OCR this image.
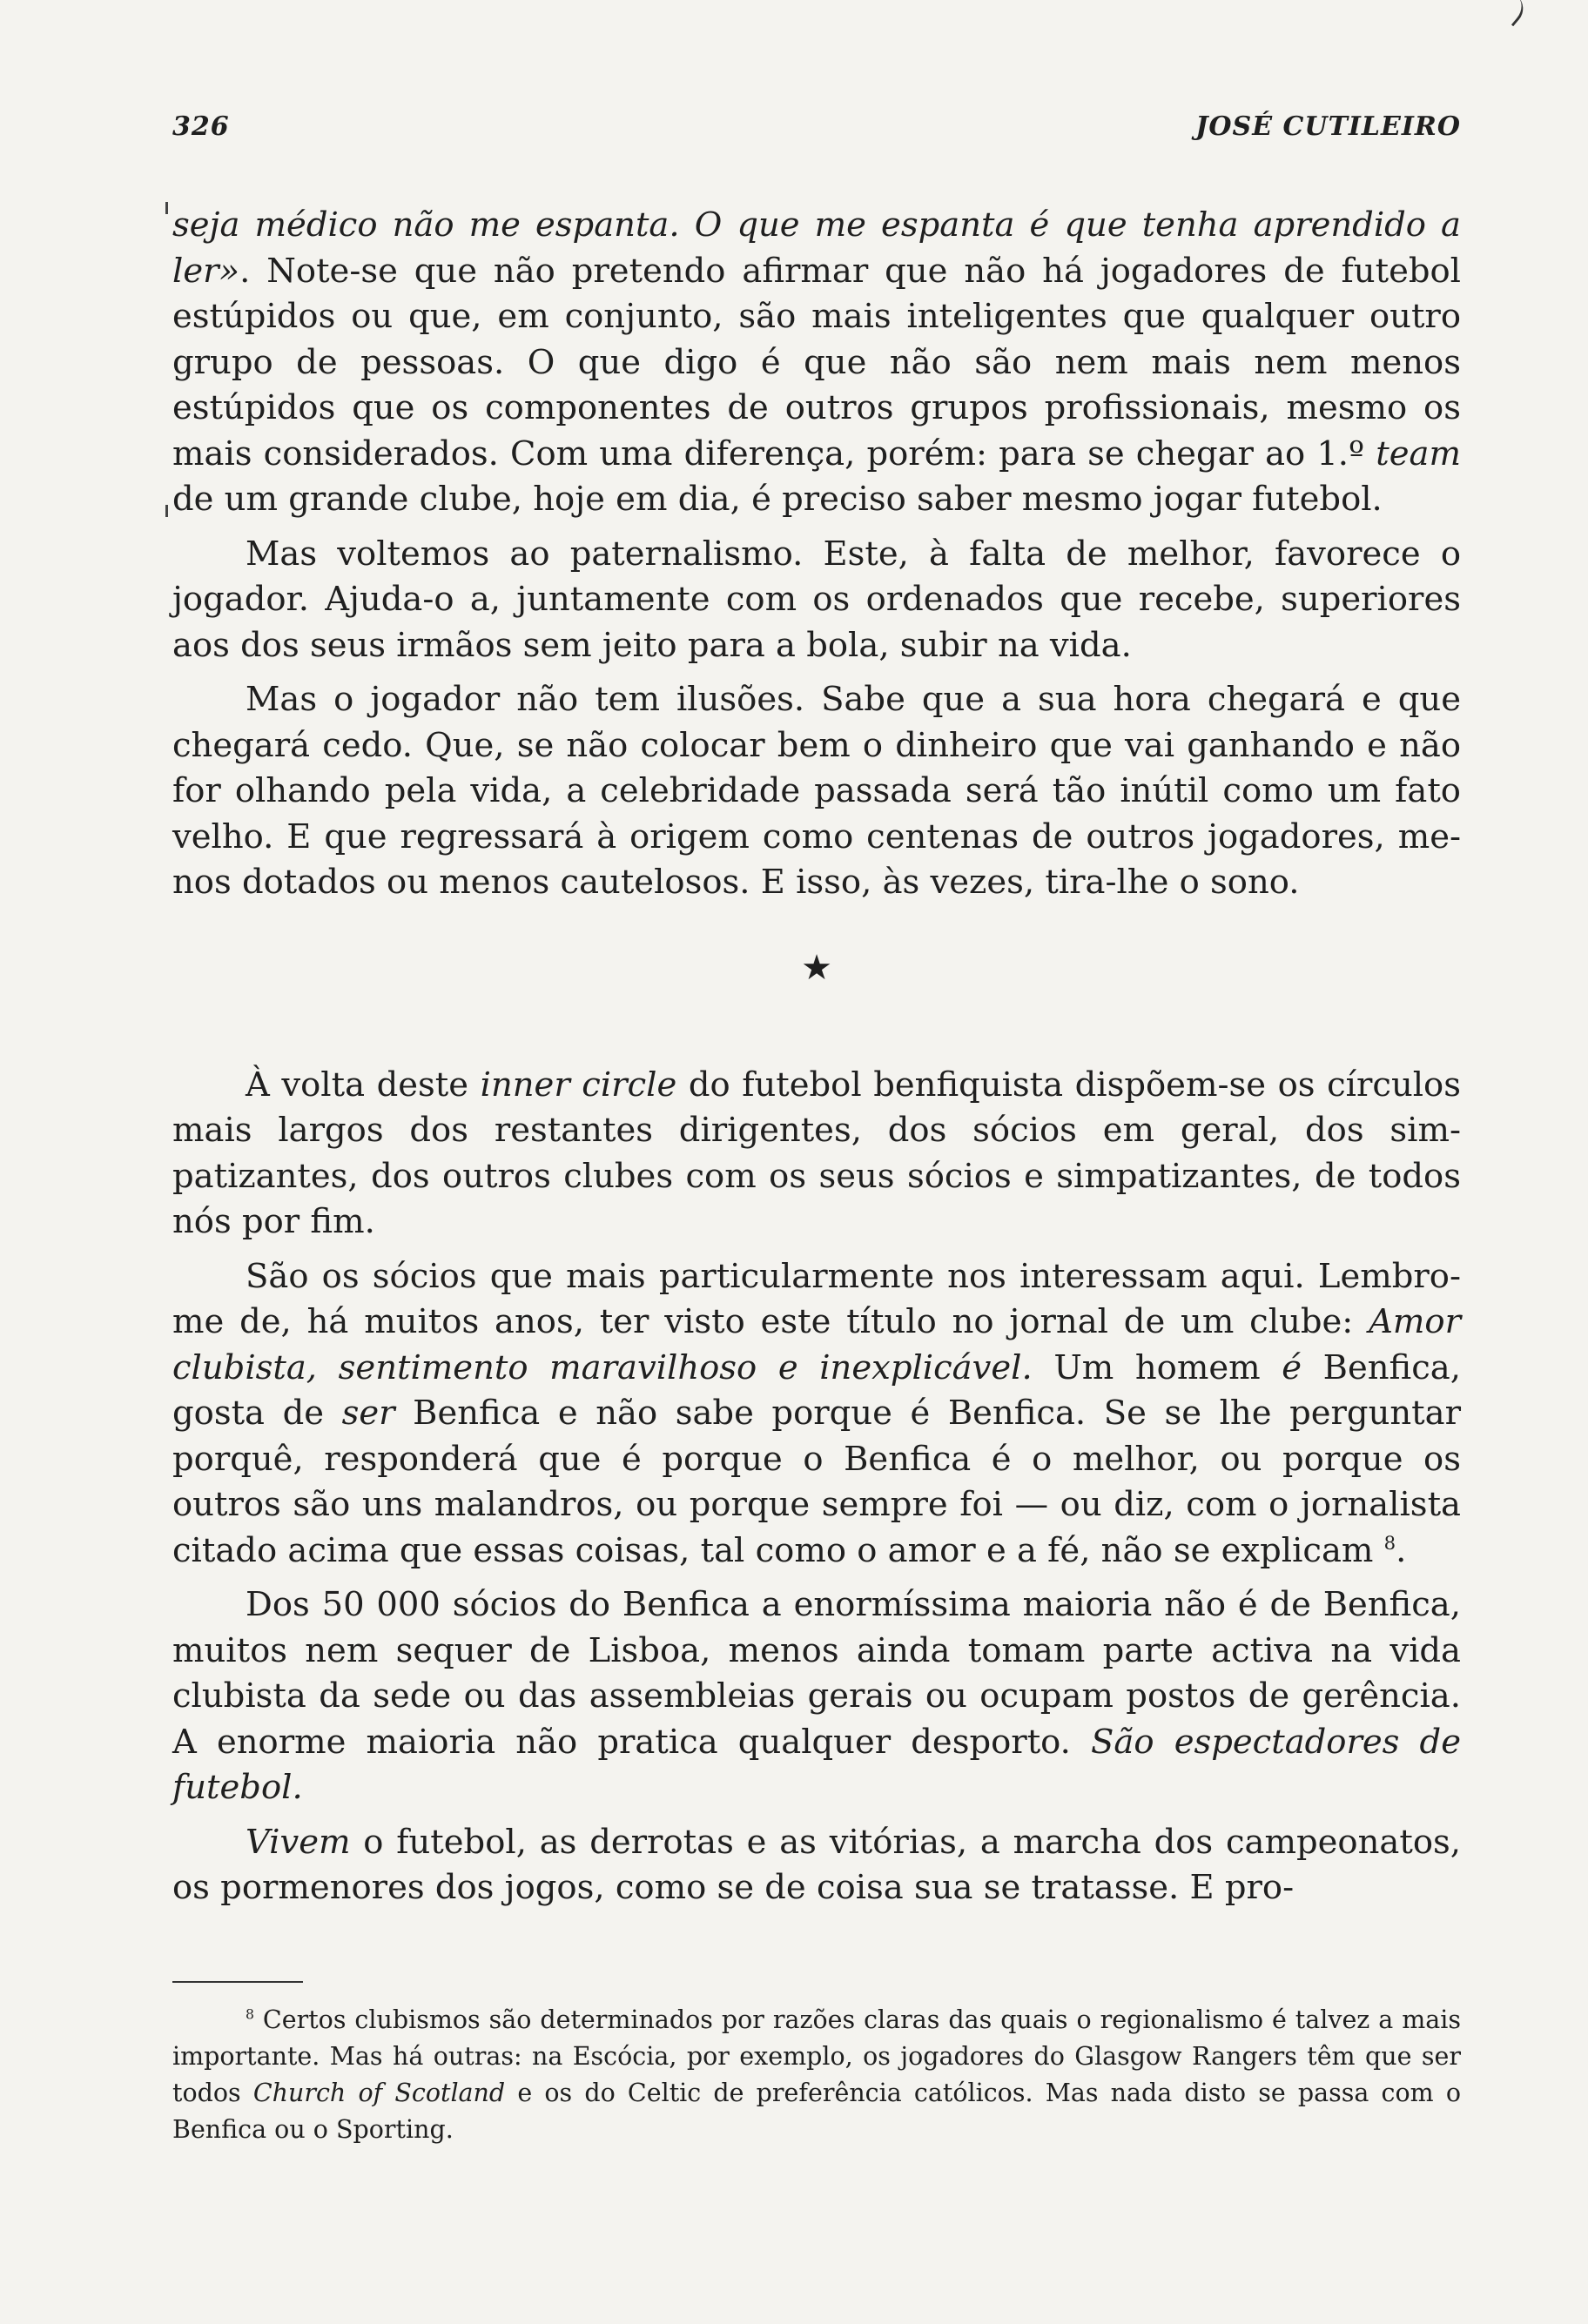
326	JOSÉ CUTILEIRO

seja médico não me espanta. O que me espanta é que tenha aprendido a ler». Note-se que não pretendo afirmar que não há jogadores de futebol estúpidos ou que, em conjunto, são mais inteligentes que qualquer outro grupo de pessoas. O que digo é que não são nem mais nem menos estúpidos que os componentes de outros grupos profissionais, mesmo os mais considerados. Com uma diferença, porém: para se chegar ao 1.º team de um grande clube, hoje em dia, é preciso saber mesmo jogar futebol.

Mas voltemos ao paternalismo. Este, à falta de melhor, favorece o jogador. Ajuda-o a, juntamente com os ordenados que recebe, superiores aos dos seus irmãos sem jeito para a bola, subir na vida.

Mas o jogador não tem ilusões. Sabe que a sua hora chegará e que chegará cedo. Que, se não colocar bem o dinheiro que vai ganhando e não for olhando pela vida, a celebridade passada será tão inútil como um fato velho. E que regressará à origem como centenas de outros jogadores, menos dotados ou menos cautelosos. E isso, às vezes, tira-lhe o sono.

★

À volta deste inner circle do futebol benfiquista dispõem-se os círculos mais largos dos restantes dirigentes, dos sócios em geral, dos simpatizantes, dos outros clubes com os seus sócios e simpatizantes, de todos nós por fim.

São os sócios que mais particularmente nos interessam aqui. Lembro-me de, há muitos anos, ter visto este título no jornal de um clube: Amor clubista, sentimento maravilhoso e inexplicável. Um homem é Benfica, gosta de ser Benfica e não sabe porque é Benfica. Se se lhe perguntar porquê, responderá que é porque o Benfica é o melhor, ou porque os outros são uns malandros, ou porque sempre foi — ou diz, com o jornalista citado acima que essas coisas, tal como o amor e a fé, não se explicam $^8$.

Dos 50 000 sócios do Benfica a enormíssima maioria não é de Benfica, muitos nem sequer de Lisboa, menos ainda tomam parte activa na vida clubista da sede ou das assembleias gerais ou ocupam postos de gerência. A enorme maioria não pratica qualquer desporto. São espectadores de futebol.

Vivem o futebol, as derrotas e as vitórias, a marcha dos campeonatos, os pormenores dos jogos, como se de coisa sua se tratasse. E pro-

$^8$ Certos clubismos são determinados por razões claras das quais o regionalismo é talvez a mais importante. Mas há outras: na Escócia, por exemplo, os jogadores do Glasgow Rangers têm que ser todos Church of Scotland e os do Celtic de preferência católicos. Mas nada disto se passa com o Benfica ou o Sporting.
